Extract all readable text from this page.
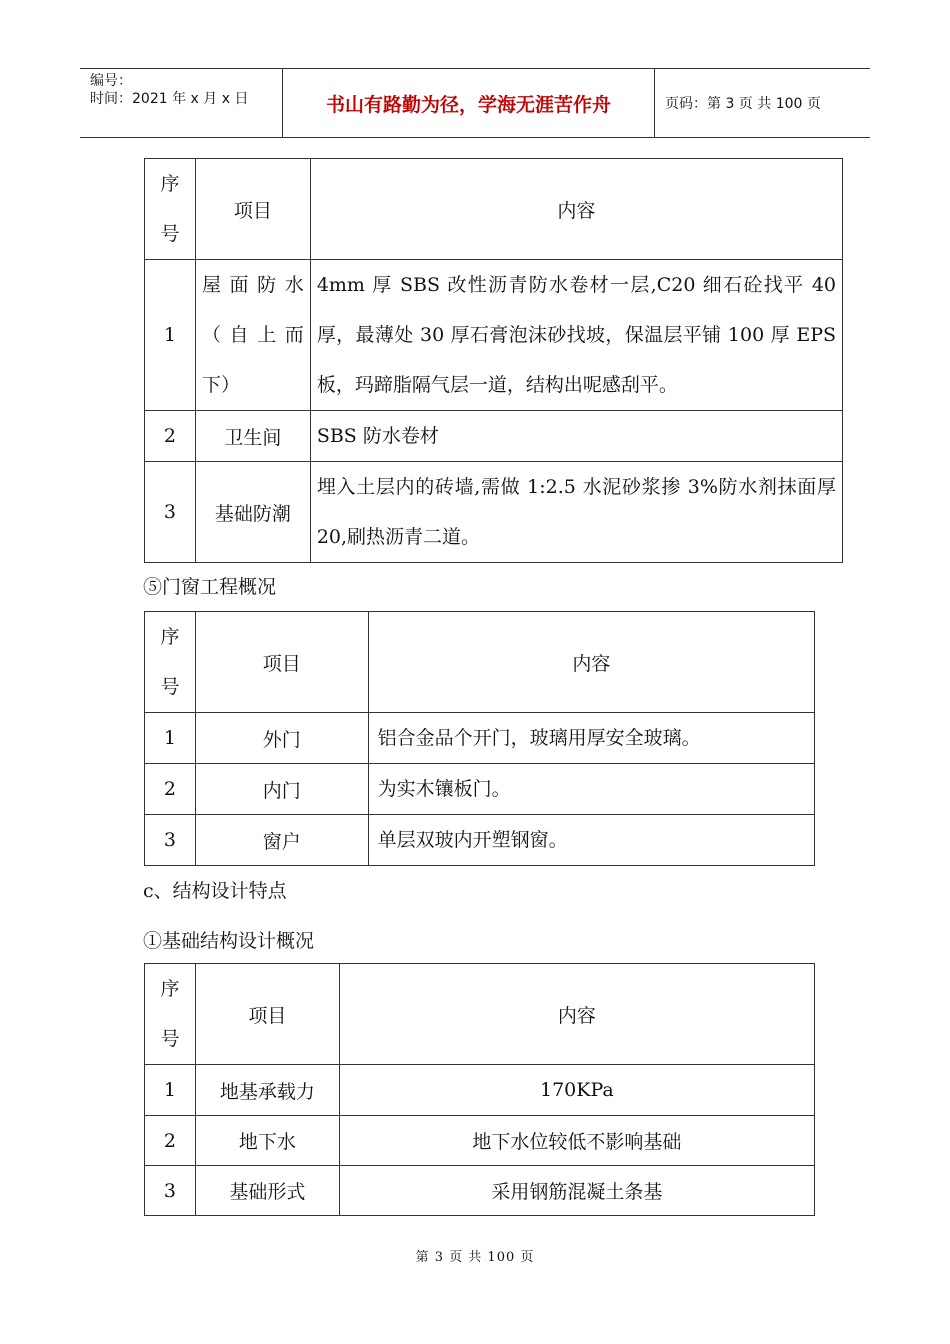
编号：
时间：2021 年 x 月 x 日	书山有路勤为径，学海无涯苦作舟	页码：第 3 页 共 100 页
序号	项目	内容
1	屋面防水（自上而下）	4mm 厚 SBS 改性沥青防水卷材一层,C20 细石砼找平 40 厚，最薄处 30 厚石膏泡沫砂找坡，保温层平铺 100 厚 EPS 板，玛蹄脂隔气层一道，结构出呢感刮平。
2	卫生间	SBS 防水卷材
3	基础防潮	埋入土层内的砖墙,需做 1:2.5 水泥砂浆掺 3%防水剂抹面厚 20,刷热沥青二道。
⑤门窗工程概况
序号	项目	内容
1	外门	铝合金品个开门，玻璃用厚安全玻璃。
2	内门	为实木镶板门。
3	窗户	单层双玻内开塑钢窗。
c、结构设计特点
①基础结构设计概况
序号	项目	内容
1	地基承载力	170KPa
2	地下水	地下水位较低不影响基础
3	基础形式	采用钢筋混凝土条基
第 3 页 共 100 页
